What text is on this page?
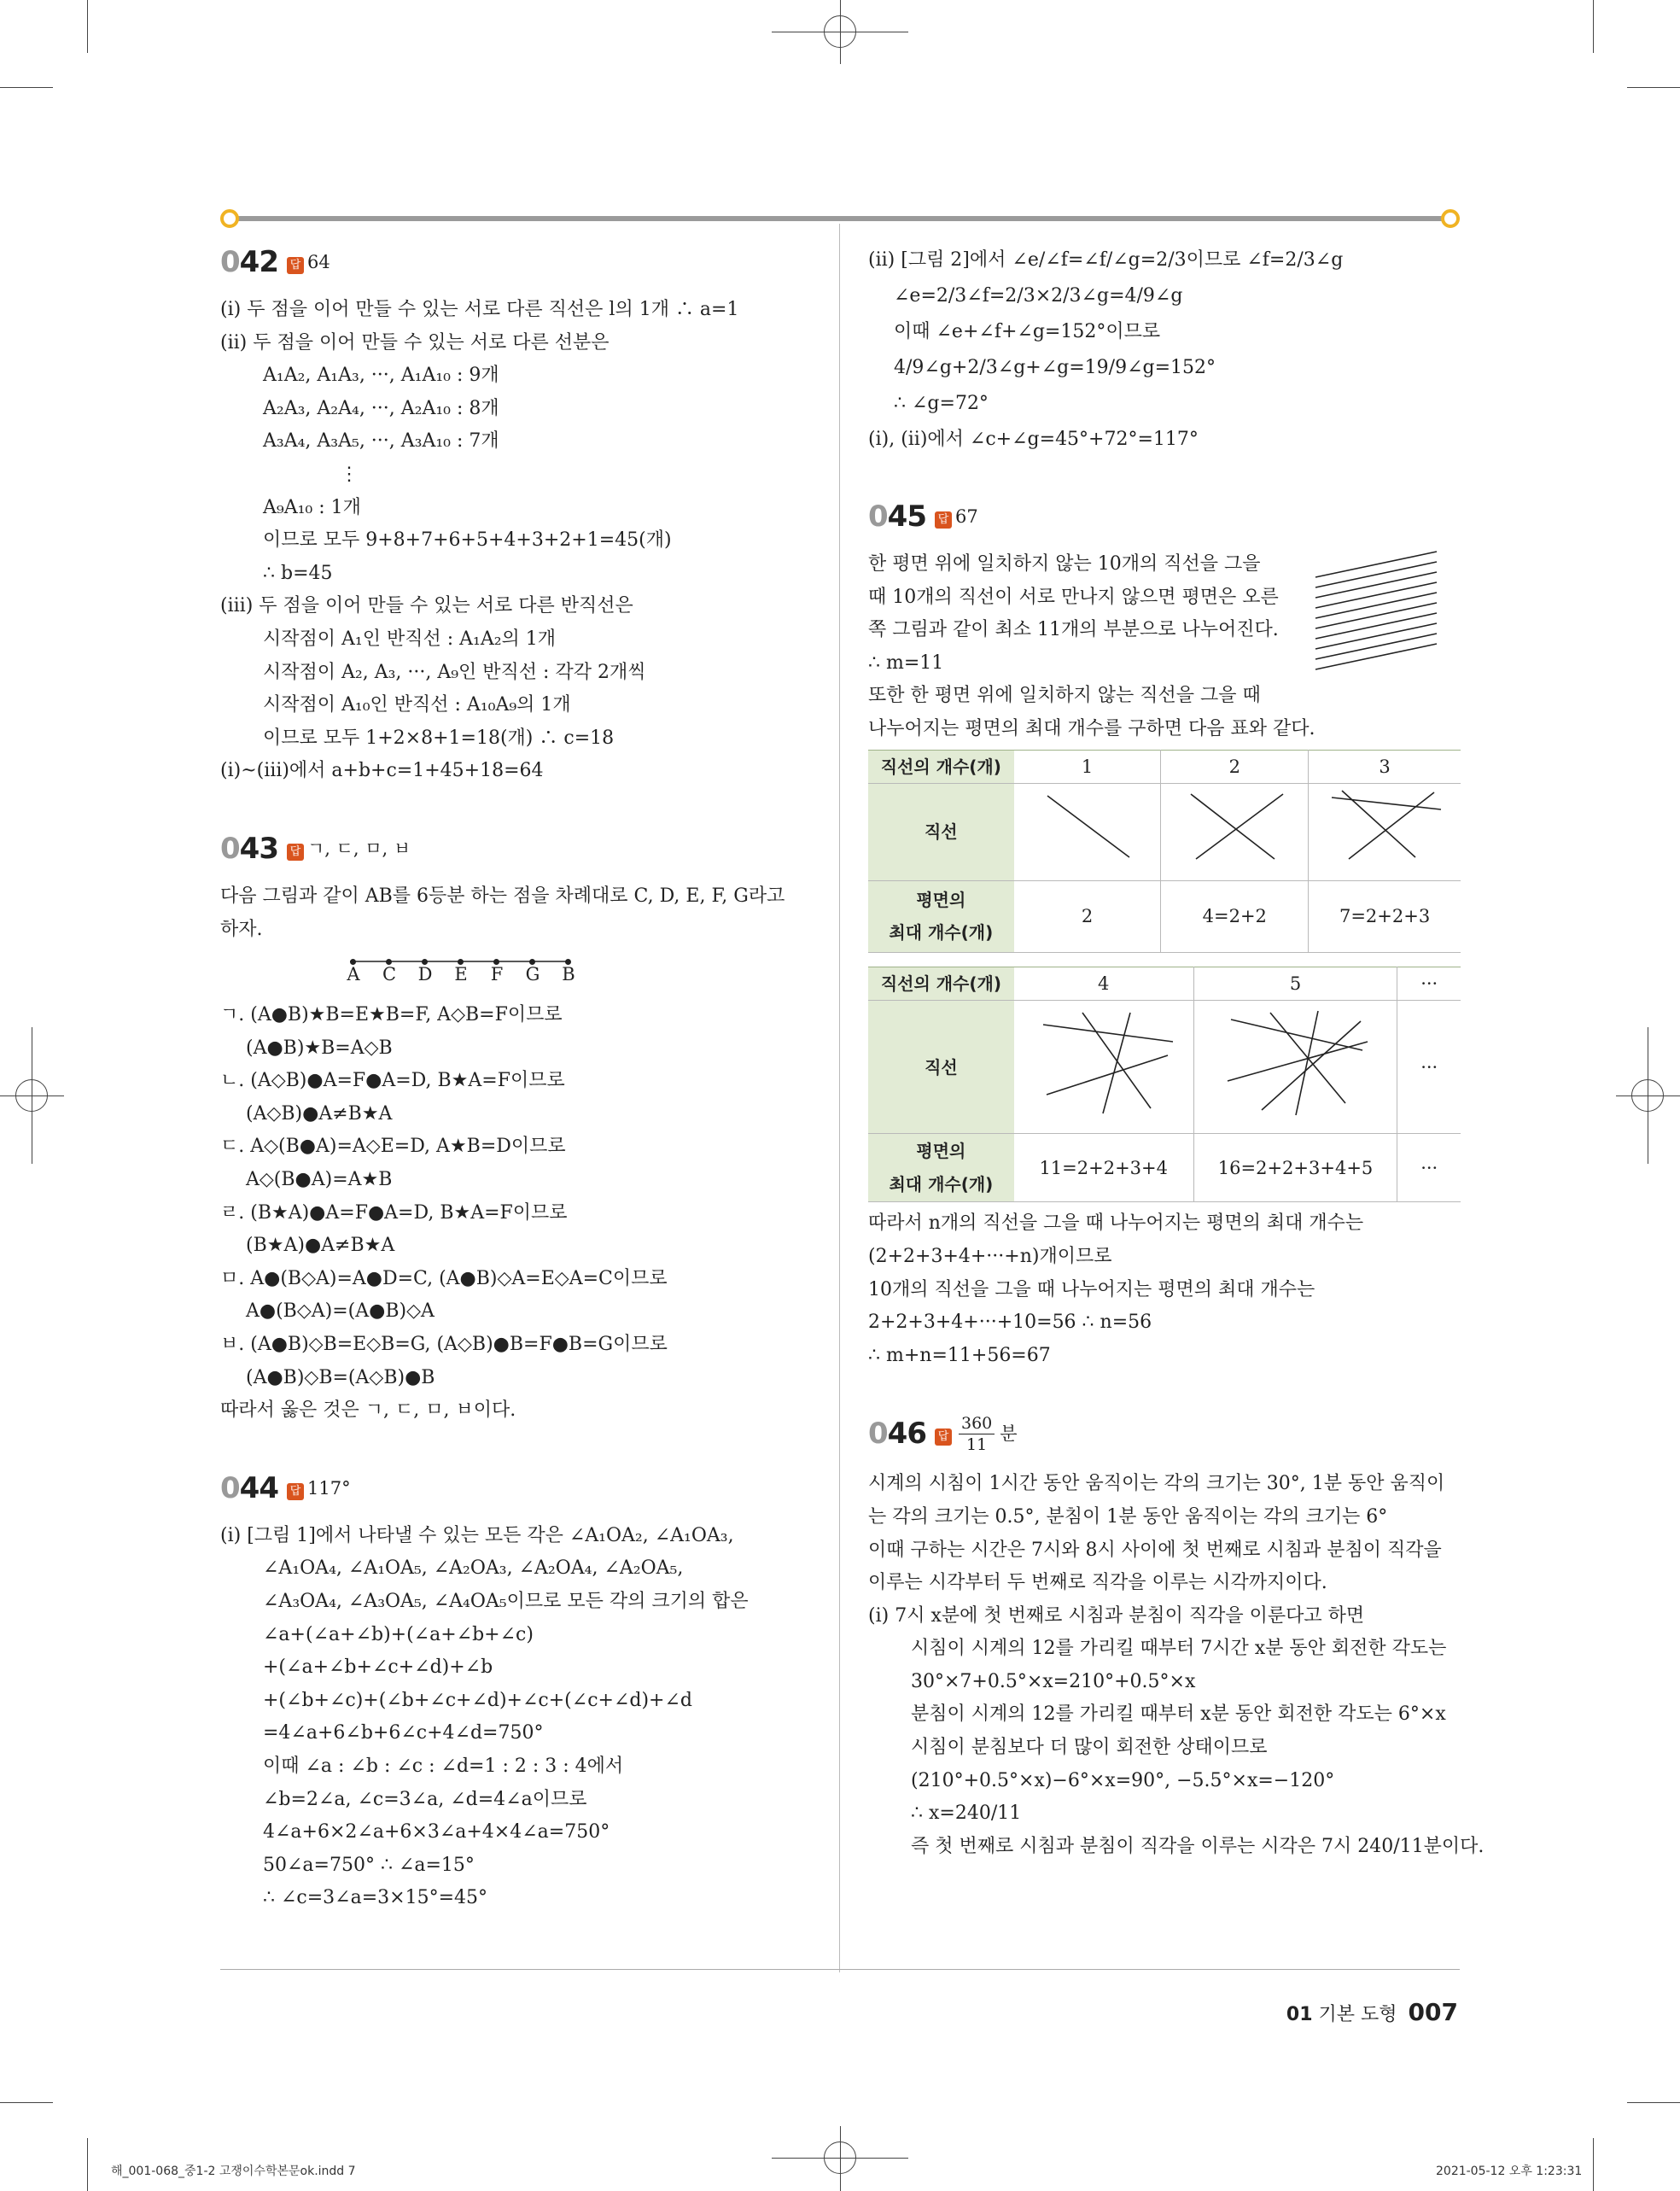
042 답 64
(ⅰ) 두 점을 이어 만들 수 있는 서로 다른 직선은 l의 1개 ∴ a=1
(ⅱ) 두 점을 이어 만들 수 있는 서로 다른 선분은
A₁A₂, A₁A₃, ···, A₁A₁₀ : 9개
A₂A₃, A₂A₄, ···, A₂A₁₀ : 8개
A₃A₄, A₃A₅, ···, A₃A₁₀ : 7개
⋮
A₉A₁₀ : 1개
이므로 모두 9+8+7+6+5+4+3+2+1=45(개)
∴ b=45
(ⅲ) 두 점을 이어 만들 수 있는 서로 다른 반직선은
시작점이 A₁인 반직선 : A₁A₂의 1개
시작점이 A₂, A₃, ···, A₉인 반직선 : 각각 2개씩
시작점이 A₁₀인 반직선 : A₁₀A₉의 1개
이므로 모두 1+2×8+1=18(개) ∴ c=18
(ⅰ)~(ⅲ)에서 a+b+c=1+45+18=64
043 답 ㄱ, ㄷ, ㅁ, ㅂ
다음 그림과 같이 AB를 6등분 하는 점을 차례대로 C, D, E, F, G라고
하자.
A C D E F G B
ㄱ. (A●B)★B=E★B=F, A◇B=F이므로
(A●B)★B=A◇B
ㄴ. (A◇B)●A=F●A=D, B★A=F이므로
(A◇B)●A≠B★A
ㄷ. A◇(B●A)=A◇E=D, A★B=D이므로
A◇(B●A)=A★B
ㄹ. (B★A)●A=F●A=D, B★A=F이므로
(B★A)●A≠B★A
ㅁ. A●(B◇A)=A●D=C, (A●B)◇A=E◇A=C이므로
A●(B◇A)=(A●B)◇A
ㅂ. (A●B)◇B=E◇B=G, (A◇B)●B=F●B=G이므로
(A●B)◇B=(A◇B)●B
따라서 옳은 것은 ㄱ, ㄷ, ㅁ, ㅂ이다.
044 답 117°
(ⅰ) [그림 1]에서 나타낼 수 있는 모든 각은 ∠A₁OA₂, ∠A₁OA₃,
∠A₁OA₄, ∠A₁OA₅, ∠A₂OA₃, ∠A₂OA₄, ∠A₂OA₅,
∠A₃OA₄, ∠A₃OA₅, ∠A₄OA₅이므로 모든 각의 크기의 합은
∠a+(∠a+∠b)+(∠a+∠b+∠c)
+(∠a+∠b+∠c+∠d)+∠b
+(∠b+∠c)+(∠b+∠c+∠d)+∠c+(∠c+∠d)+∠d
=4∠a+6∠b+6∠c+4∠d=750°
이때 ∠a : ∠b : ∠c : ∠d=1 : 2 : 3 : 4에서
∠b=2∠a, ∠c=3∠a, ∠d=4∠a이므로
4∠a+6×2∠a+6×3∠a+4×4∠a=750°
50∠a=750° ∴ ∠a=15°
∴ ∠c=3∠a=3×15°=45°
(ⅱ) [그림 2]에서 ∠e/∠f=∠f/∠g=2/3이므로 ∠f=2/3∠g
∠e=2/3∠f=2/3×2/3∠g=4/9∠g
이때 ∠e+∠f+∠g=152°이므로
4/9∠g+2/3∠g+∠g=19/9∠g=152°
∴ ∠g=72°
(ⅰ), (ⅱ)에서 ∠c+∠g=45°+72°=117°
045 답 67
한 평면 위에 일치하지 않는 10개의 직선을 그을
때 10개의 직선이 서로 만나지 않으면 평면은 오른
쪽 그림과 같이 최소 11개의 부분으로 나누어진다.
∴ m=11
또한 한 평면 위에 일치하지 않는 직선을 그을 때
나누어지는 평면의 최대 개수를 구하면 다음 표와 같다.
직선의 개수(개)	1	2	3
직선			

평면의
최대 개수(개)	2	4=2+2	7=2+2+3
직선의 개수(개)	4	5	···
직선			···

평면의
최대 개수(개)	11=2+2+3+4	16=2+2+3+4+5	···
따라서 n개의 직선을 그을 때 나누어지는 평면의 최대 개수는
(2+2+3+4+···+n)개이므로
10개의 직선을 그을 때 나누어지는 평면의 최대 개수는
2+2+3+4+···+10=56 ∴ n=56
∴ m+n=11+56=67
046 답 $\frac{360}{11}$ 분
시계의 시침이 1시간 동안 움직이는 각의 크기는 30°, 1분 동안 움직이
는 각의 크기는 0.5°, 분침이 1분 동안 움직이는 각의 크기는 6°
이때 구하는 시간은 7시와 8시 사이에 첫 번째로 시침과 분침이 직각을
이루는 시각부터 두 번째로 직각을 이루는 시각까지이다.
(ⅰ) 7시 x분에 첫 번째로 시침과 분침이 직각을 이룬다고 하면
시침이 시계의 12를 가리킬 때부터 7시간 x분 동안 회전한 각도는
30°×7+0.5°×x=210°+0.5°×x
분침이 시계의 12를 가리킬 때부터 x분 동안 회전한 각도는 6°×x
시침이 분침보다 더 많이 회전한 상태이므로
(210°+0.5°×x)−6°×x=90°, −5.5°×x=−120°
∴ x=240/11
즉 첫 번째로 시침과 분침이 직각을 이루는 시각은 7시 240/11분이다.
01 기본 도형 007
해_001-068_중1-2 고쟁이수학본문ok.indd 7	2021-05-12 오후 1:23:31
